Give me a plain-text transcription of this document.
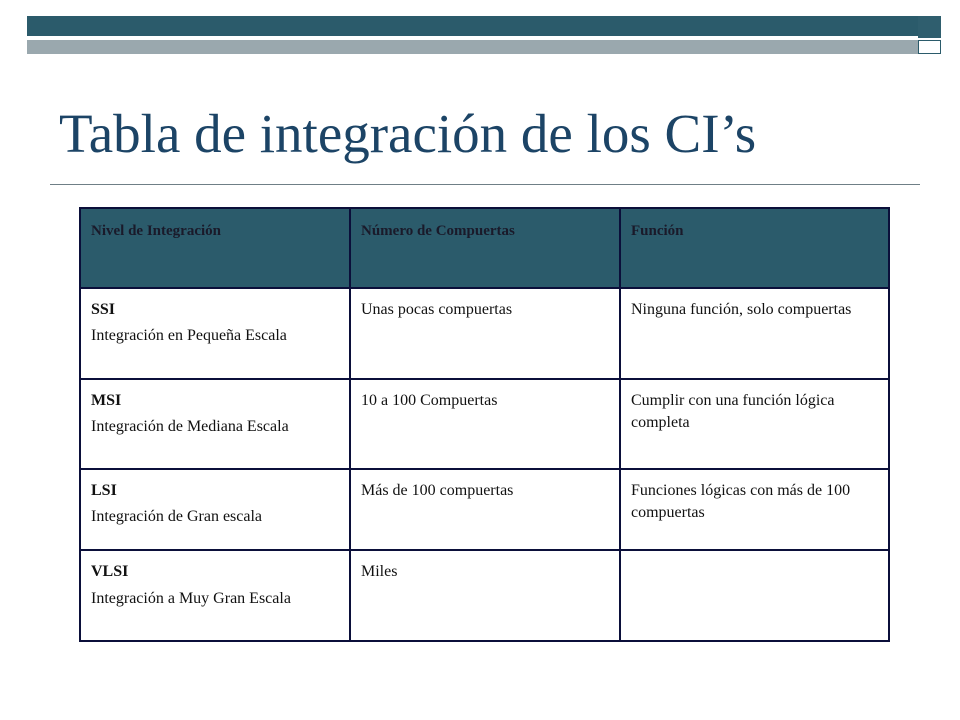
Tabla de integración de los CI’s
Nivel de Integración	Número de Compuertas	Función

SSI
Integración en Pequeña Escala	Unas pocas compuertas	Ninguna función, solo compuertas

MSI
Integración de Mediana Escala	10 a 100 Compuertas	Cumplir con una función lógica completa

LSI
Integración de Gran escala	Más de 100 compuertas	Funciones lógicas con más de 100 compuertas

VLSI
Integración a Muy Gran Escala	Miles	
